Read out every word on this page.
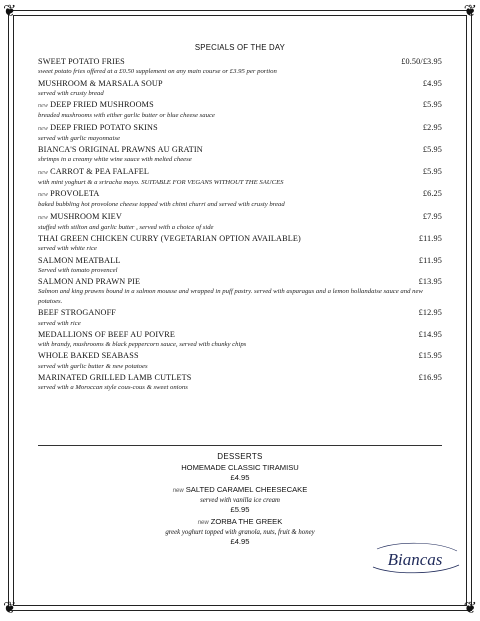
❦	❦
❦	❦
SPECIALS OF THE DAY
SWEET POTATO FRIES	£0.50/£3.95
sweet potato fries offered at a £0.50 supplement on any main course or £3.95 per portion
MUSHROOM & MARSALA SOUP	£4.95
served with crusty bread
new DEEP FRIED MUSHROOMS	£5.95
breaded mushrooms with either garlic butter or blue cheese sauce
new DEEP FRIED POTATO SKINS	£2.95
served with garlic mayonnaise
BIANCA'S ORIGINAL PRAWNS AU GRATIN	£5.95
shrimps in a creamy white wine sauce with melted cheese
new CARROT & PEA FALAFEL	£5.95
with mint yoghurt & a sriracha mayo. SUITABLE FOR VEGANS WITHOUT THE SAUCES
new PROVOLETA	£6.25
baked bubbling hot provolone cheese topped with chimi churri and served with crusty bread
new MUSHROOM KIEV	£7.95
stuffed with stilton and garlic butter , served with a choice of side
THAI GREEN CHICKEN CURRY (VEGETARIAN OPTION AVAILABLE)	£11.95
served with white rice
SALMON MEATBALL	£11.95
Served with tomato provencel
SALMON AND PRAWN PIE	£13.95
Salmon and king prawns bound in a salmon mousse and wrapped in puff pastry. served with asparagus and a lemon hollandaise sauce and new potatoes.
BEEF STROGANOFF	£12.95
served with rice
MEDALLIONS OF BEEF AU POIVRE	£14.95
with brandy, mushrooms & black peppercorn sauce, served with chunky chips
WHOLE BAKED SEABASS	£15.95
served with garlic butter & new potatoes
MARINATED GRILLED LAMB CUTLETS	£16.95
served with a Moroccan style cous-cous & sweet onions
DESSERTS
HOMEMADE CLASSIC TIRAMISU
£4.95
new SALTED CARAMEL CHEESECAKE
served with vanilla ice cream
£5.95
new ZORBA THE GREEK
greek yoghurt topped with granola, nuts, fruit & honey
£4.95
Biancas
